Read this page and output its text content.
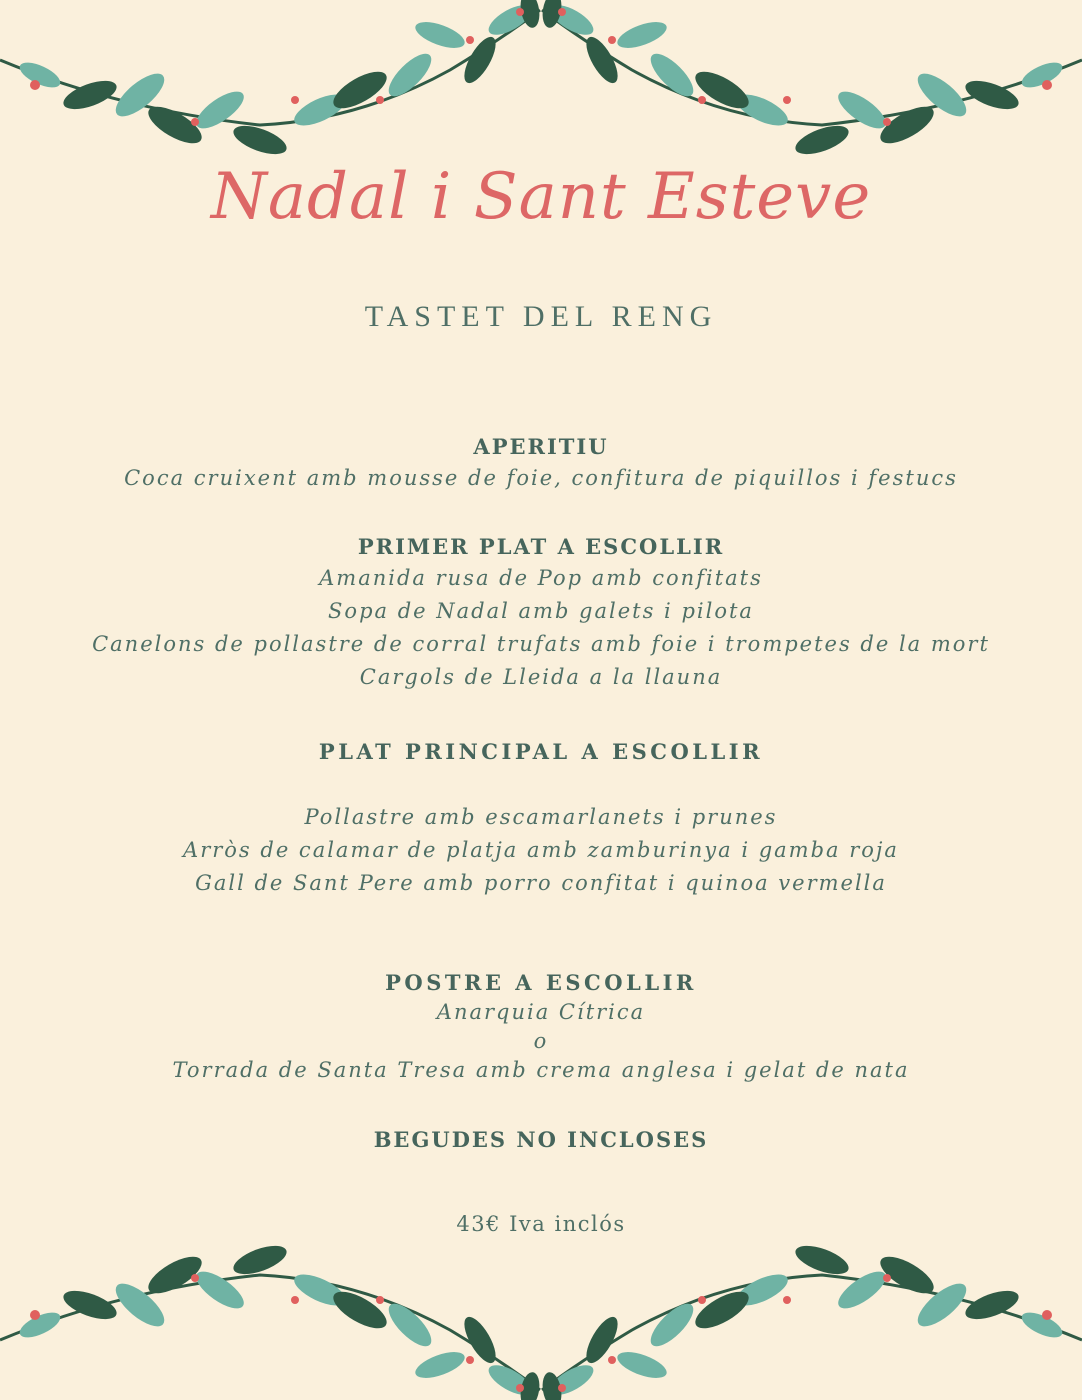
Nadal i Sant Esteve
TASTET DEL RENG
APERITIU
Coca cruixent amb mousse de foie, confitura de piquillos i festucs
PRIMER PLAT A ESCOLLIR
Amanida rusa de Pop amb confitats
Sopa de Nadal amb galets i pilota
Canelons de pollastre de corral trufats amb foie i trompetes de la mort
Cargols de Lleida a la llauna
PLAT PRINCIPAL A ESCOLLIR
Pollastre amb escamarlanets i prunes
Arròs de calamar de platja amb zamburinya i gamba roja
Gall de Sant Pere amb porro confitat i quinoa vermella
POSTRE A ESCOLLIR
Anarquia Cítrica
o
Torrada de Santa Tresa amb crema anglesa i gelat de nata
BEGUDES NO INCLOSES
43€ Iva inclós
